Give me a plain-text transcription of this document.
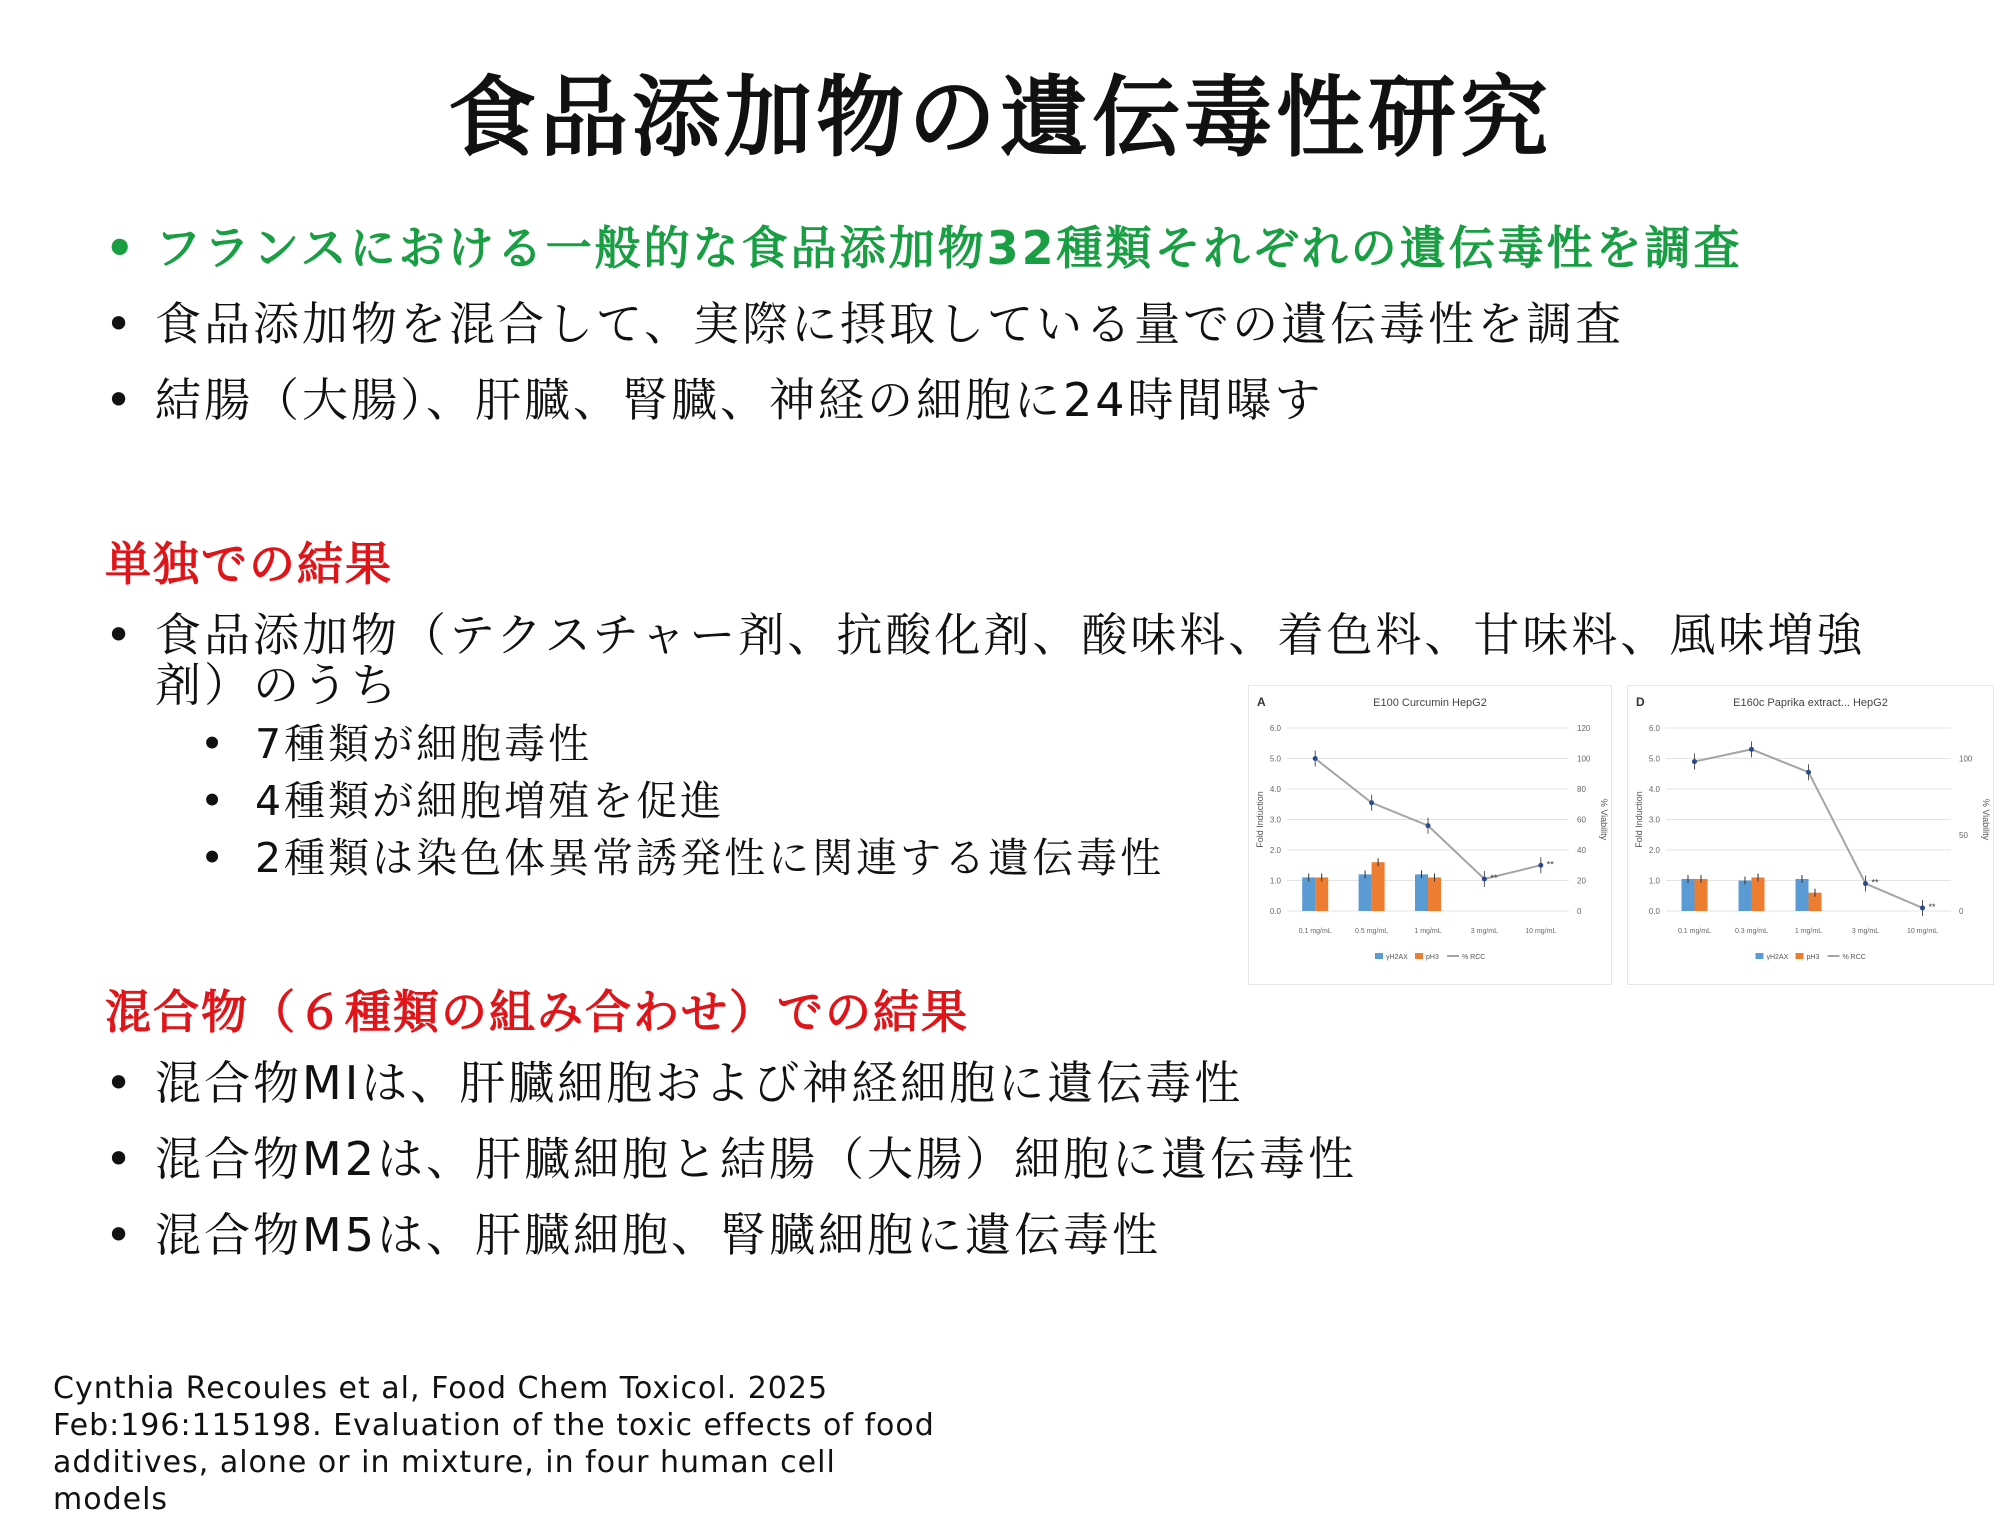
食品添加物の遺伝毒性研究
• フランスにおける一般的な食品添加物32種類それぞれの遺伝毒性を調査
• 食品添加物を混合して、実際に摂取している量での遺伝毒性を調査
• 結腸（大腸）、肝臓、腎臓、神経の細胞に24時間曝す
単独での結果
• 食品添加物（テクスチャー剤、抗酸化剤、酸味料、着色料、甘味料、風味増強剤）のうち
• 7種類が細胞毒性
• 4種類が細胞増殖を促進
• 2種類は染色体異常誘発性に関連する遺伝毒性
A	E100 Curcumin HepG2
0.0
1.0
2.0
3.0
4.0
5.0
6.0
0
20
40
60
80
100
120
Fold Induction	% Viability
0.1 mg/mL	0.5 mg/mL	1 mg/mL	3 mg/mL	10 mg/mL
**
**
γH2AX	pH3	% RCC
D	E160c Paprika extract... HepG2
0.0
1.0
2.0
3.0
4.0
5.0
6.0
0
50
100
Fold Induction	% Viability
0.1 mg/mL	0.3 mg/mL	1 mg/mL	3 mg/mL	10 mg/mL
**
**
γH2AX	pH3	% RCC
混合物（６種類の組み合わせ）での結果
• 混合物MIは、肝臓細胞および神経細胞に遺伝毒性
• 混合物M2は、肝臓細胞と結腸（大腸）細胞に遺伝毒性
• 混合物M5は、肝臓細胞、腎臓細胞に遺伝毒性
Cynthia Recoules et al, Food Chem Toxicol. 2025 Feb:196:115198. Evaluation of the toxic effects of food additives, alone or in mixture, in four human cell models
